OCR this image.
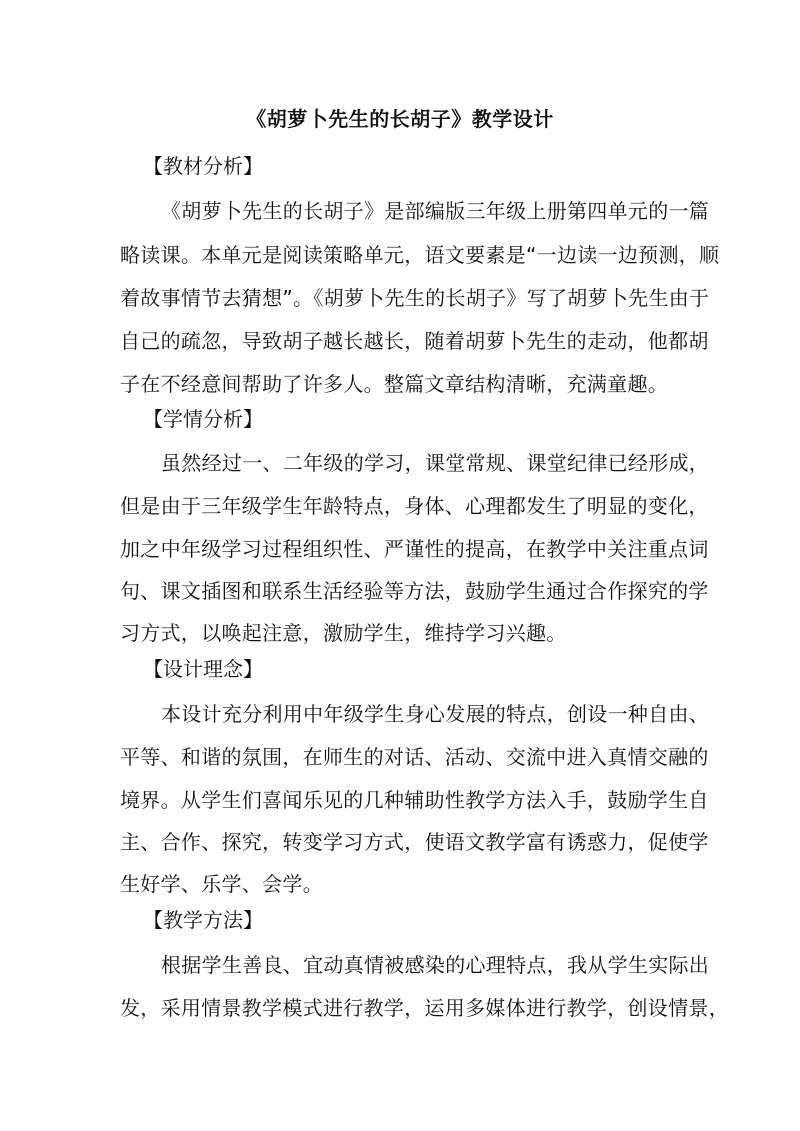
《胡萝卜先生的长胡子》教学设计
【教材分析】
《胡萝卜先生的长胡子》是部编版三年级上册第四单元的一篇
略读课。本单元是阅读策略单元，语文要素是“一边读一边预测，顺
着故事情节去猜想”。《胡萝卜先生的长胡子》写了胡萝卜先生由于
自己的疏忽，导致胡子越长越长，随着胡萝卜先生的走动，他都胡
子在不经意间帮助了许多人。整篇文章结构清晰，充满童趣。
【学情分析】
虽然经过一、二年级的学习，课堂常规、课堂纪律已经形成，
但是由于三年级学生年龄特点，身体、心理都发生了明显的变化，
加之中年级学习过程组织性、严谨性的提高，在教学中关注重点词
句、课文插图和联系生活经验等方法，鼓励学生通过合作探究的学
习方式，以唤起注意，激励学生，维持学习兴趣。
【设计理念】
本设计充分利用中年级学生身心发展的特点，创设一种自由、
平等、和谐的氛围，在师生的对话、活动、交流中进入真情交融的
境界。从学生们喜闻乐见的几种辅助性教学方法入手，鼓励学生自
主、合作、探究，转变学习方式，使语文教学富有诱惑力，促使学
生好学、乐学、会学。
【教学方法】
根据学生善良、宜动真情被感染的心理特点，我从学生实际出
发，采用情景教学模式进行教学，运用多媒体进行教学，创设情景，
